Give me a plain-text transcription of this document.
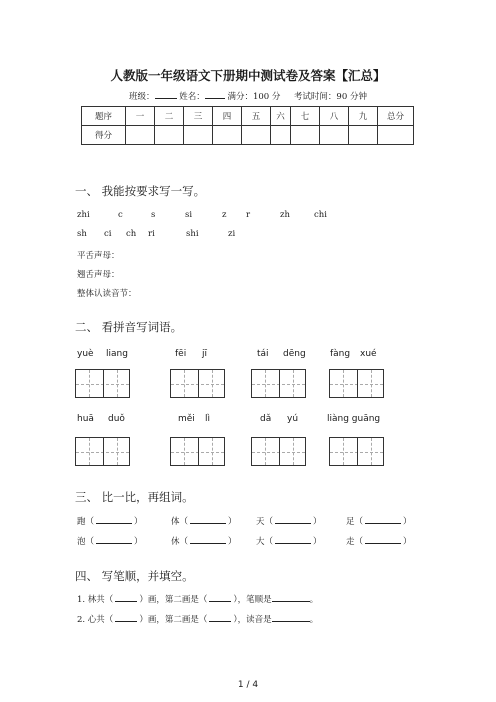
人教版一年级语文下册期中测试卷及答案【汇总】
班级：	姓名：	满分：100 分 考试时间：90 分钟
题序	一	二	三	四	五	六	七	八	九	总分
得分										
一、 我能按要求写一写。
zhi	c	s	si	z r	zh	chi
sh ci ch ri	shi	zi
平舌声母：
翘舌声母：
整体认读音节：
二、 看拼音写词语。
yuè liang	fēi jī	tái dēng	fàng xué
huā duǒ	měi lì	dǎ yú	liàng guāng
三、 比一比，再组词。
跑（	）	体（	） 天（	）	足（	）
泡（	）	休（	） 大（	）	走（	）
四、 写笔顺，并填空。
1. 林共（	）画，第二画是（	），笔顺是	。
2. 心共（	）画，第二画是（	），读音是	。
1 / 4
